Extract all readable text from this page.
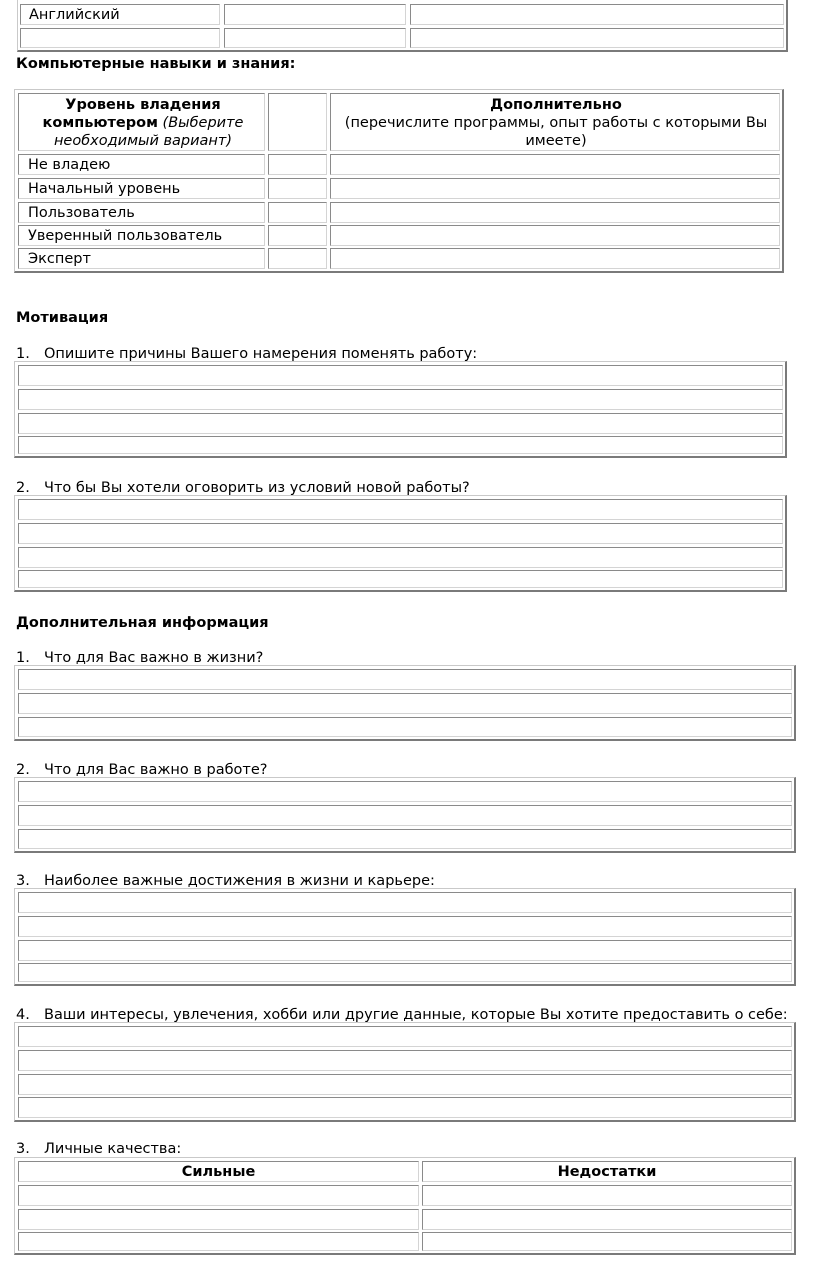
Английский
Компьютерные навыки и знания:
Уровень владения компьютером (Выберите необходимый вариант)
Дополнительно
(перечислите программы, опыт работы с которыми Вы имеете)
Не владею
Начальный уровень
Пользователь
Уверенный пользователь
Эксперт
Мотивация
1. Опишите причины Вашего намерения поменять работу:
2. Что бы Вы хотели оговорить из условий новой работы?
Дополнительная информация
1. Что для Вас важно в жизни?
2. Что для Вас важно в работе?
3. Наиболее важные достижения в жизни и карьере:
4. Ваши интересы, увлечения, хобби или другие данные, которые Вы хотите предоставить о себе:
3. Личные качества:
Сильные	Недостатки
